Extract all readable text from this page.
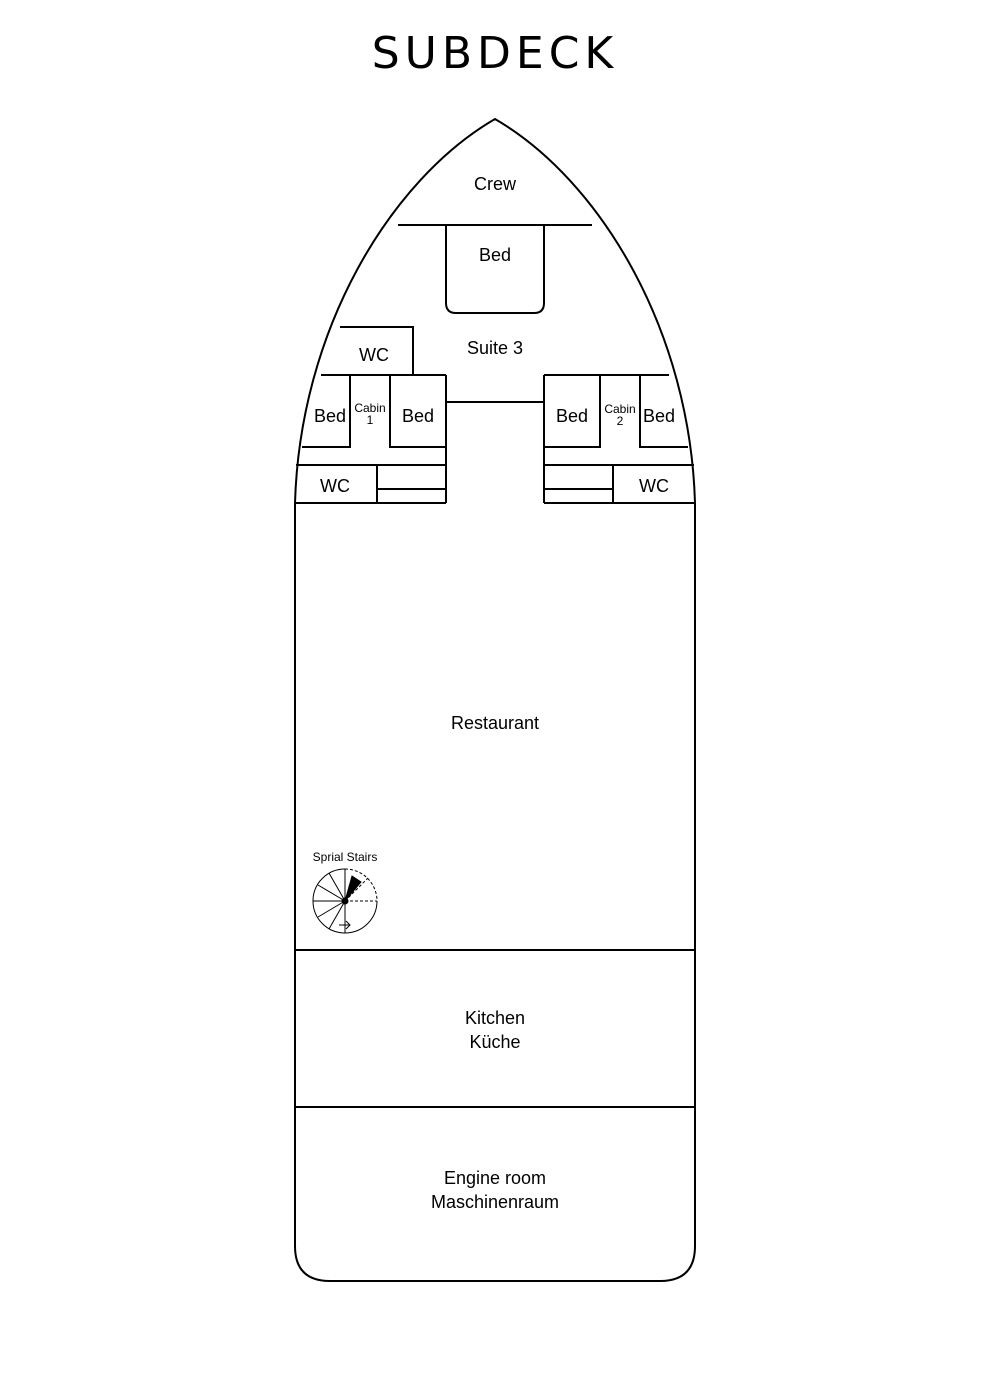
SUBDECK
Crew
Bed
Suite 3
WC
Bed Cabin
1 Bed
WC
Bed Cabin
2 Bed
WC
Restaurant
Sprial Stairs
Kitchen
Küche
Engine room
Maschinenraum
